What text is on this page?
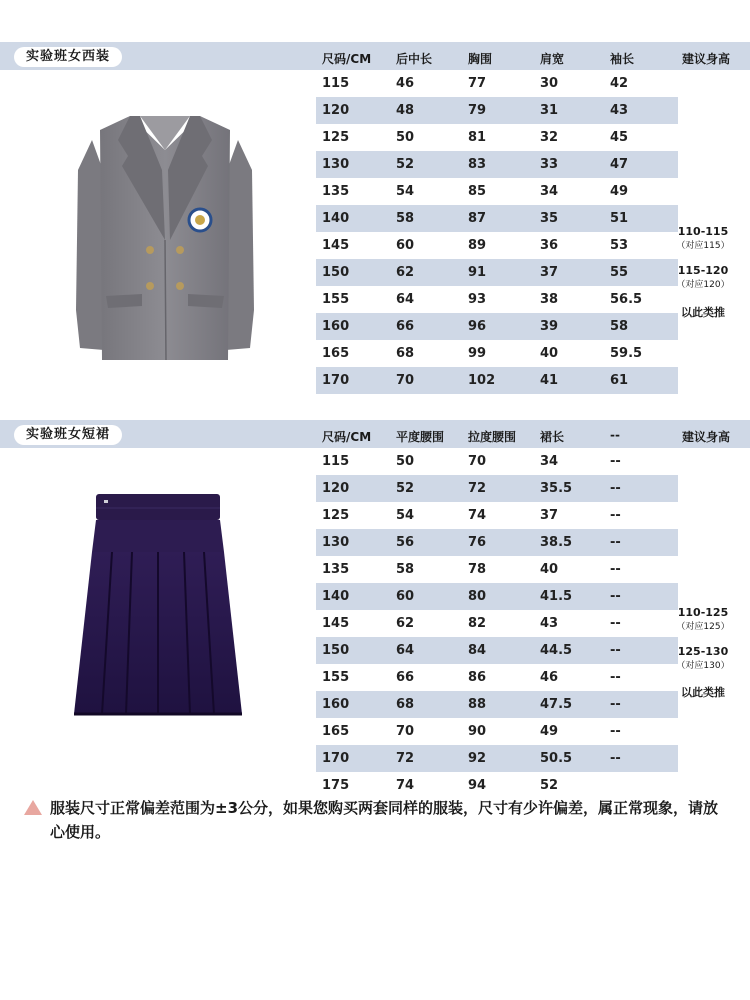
实验班女西装	尺码/CM 后中长	胸围	肩宽	袖长	建议身高
115	46	77	30	42
120	48	79	31	43
125	50	81	32	45
130	52	83	33	47
135	54	85	34	49
140	58	87	35	51
145	60	89	36	53
150	62	91	37	55
155	64	93	38	56.5
160	66	96	39	58
165	68	99	40	59.5
170	70	102	41	61
110-115
（对应115）
115-120
（对应120）
以此类推
实验班女短裙	尺码/CM 平度腰围 拉度腰围 裙长	--	建议身高
115	50	70	34	--
120	52	72	35.5	--
125	54	74	37	--
130	56	76	38.5	--
135	58	78	40	--
140	60	80	41.5	--
145	62	82	43	--
150	64	84	44.5	--
155	66	86	46	--
160	68	88	47.5	--
165	70	90	49	--
170	72	92	50.5	--
175	74	94	52
110-125
（对应125）
125-130
（对应130）
以此类推
服装尺寸正常偏差范围为±3公分，如果您购买两套同样的服装，尺寸有少许偏差，属正常现象，请放心使用。
